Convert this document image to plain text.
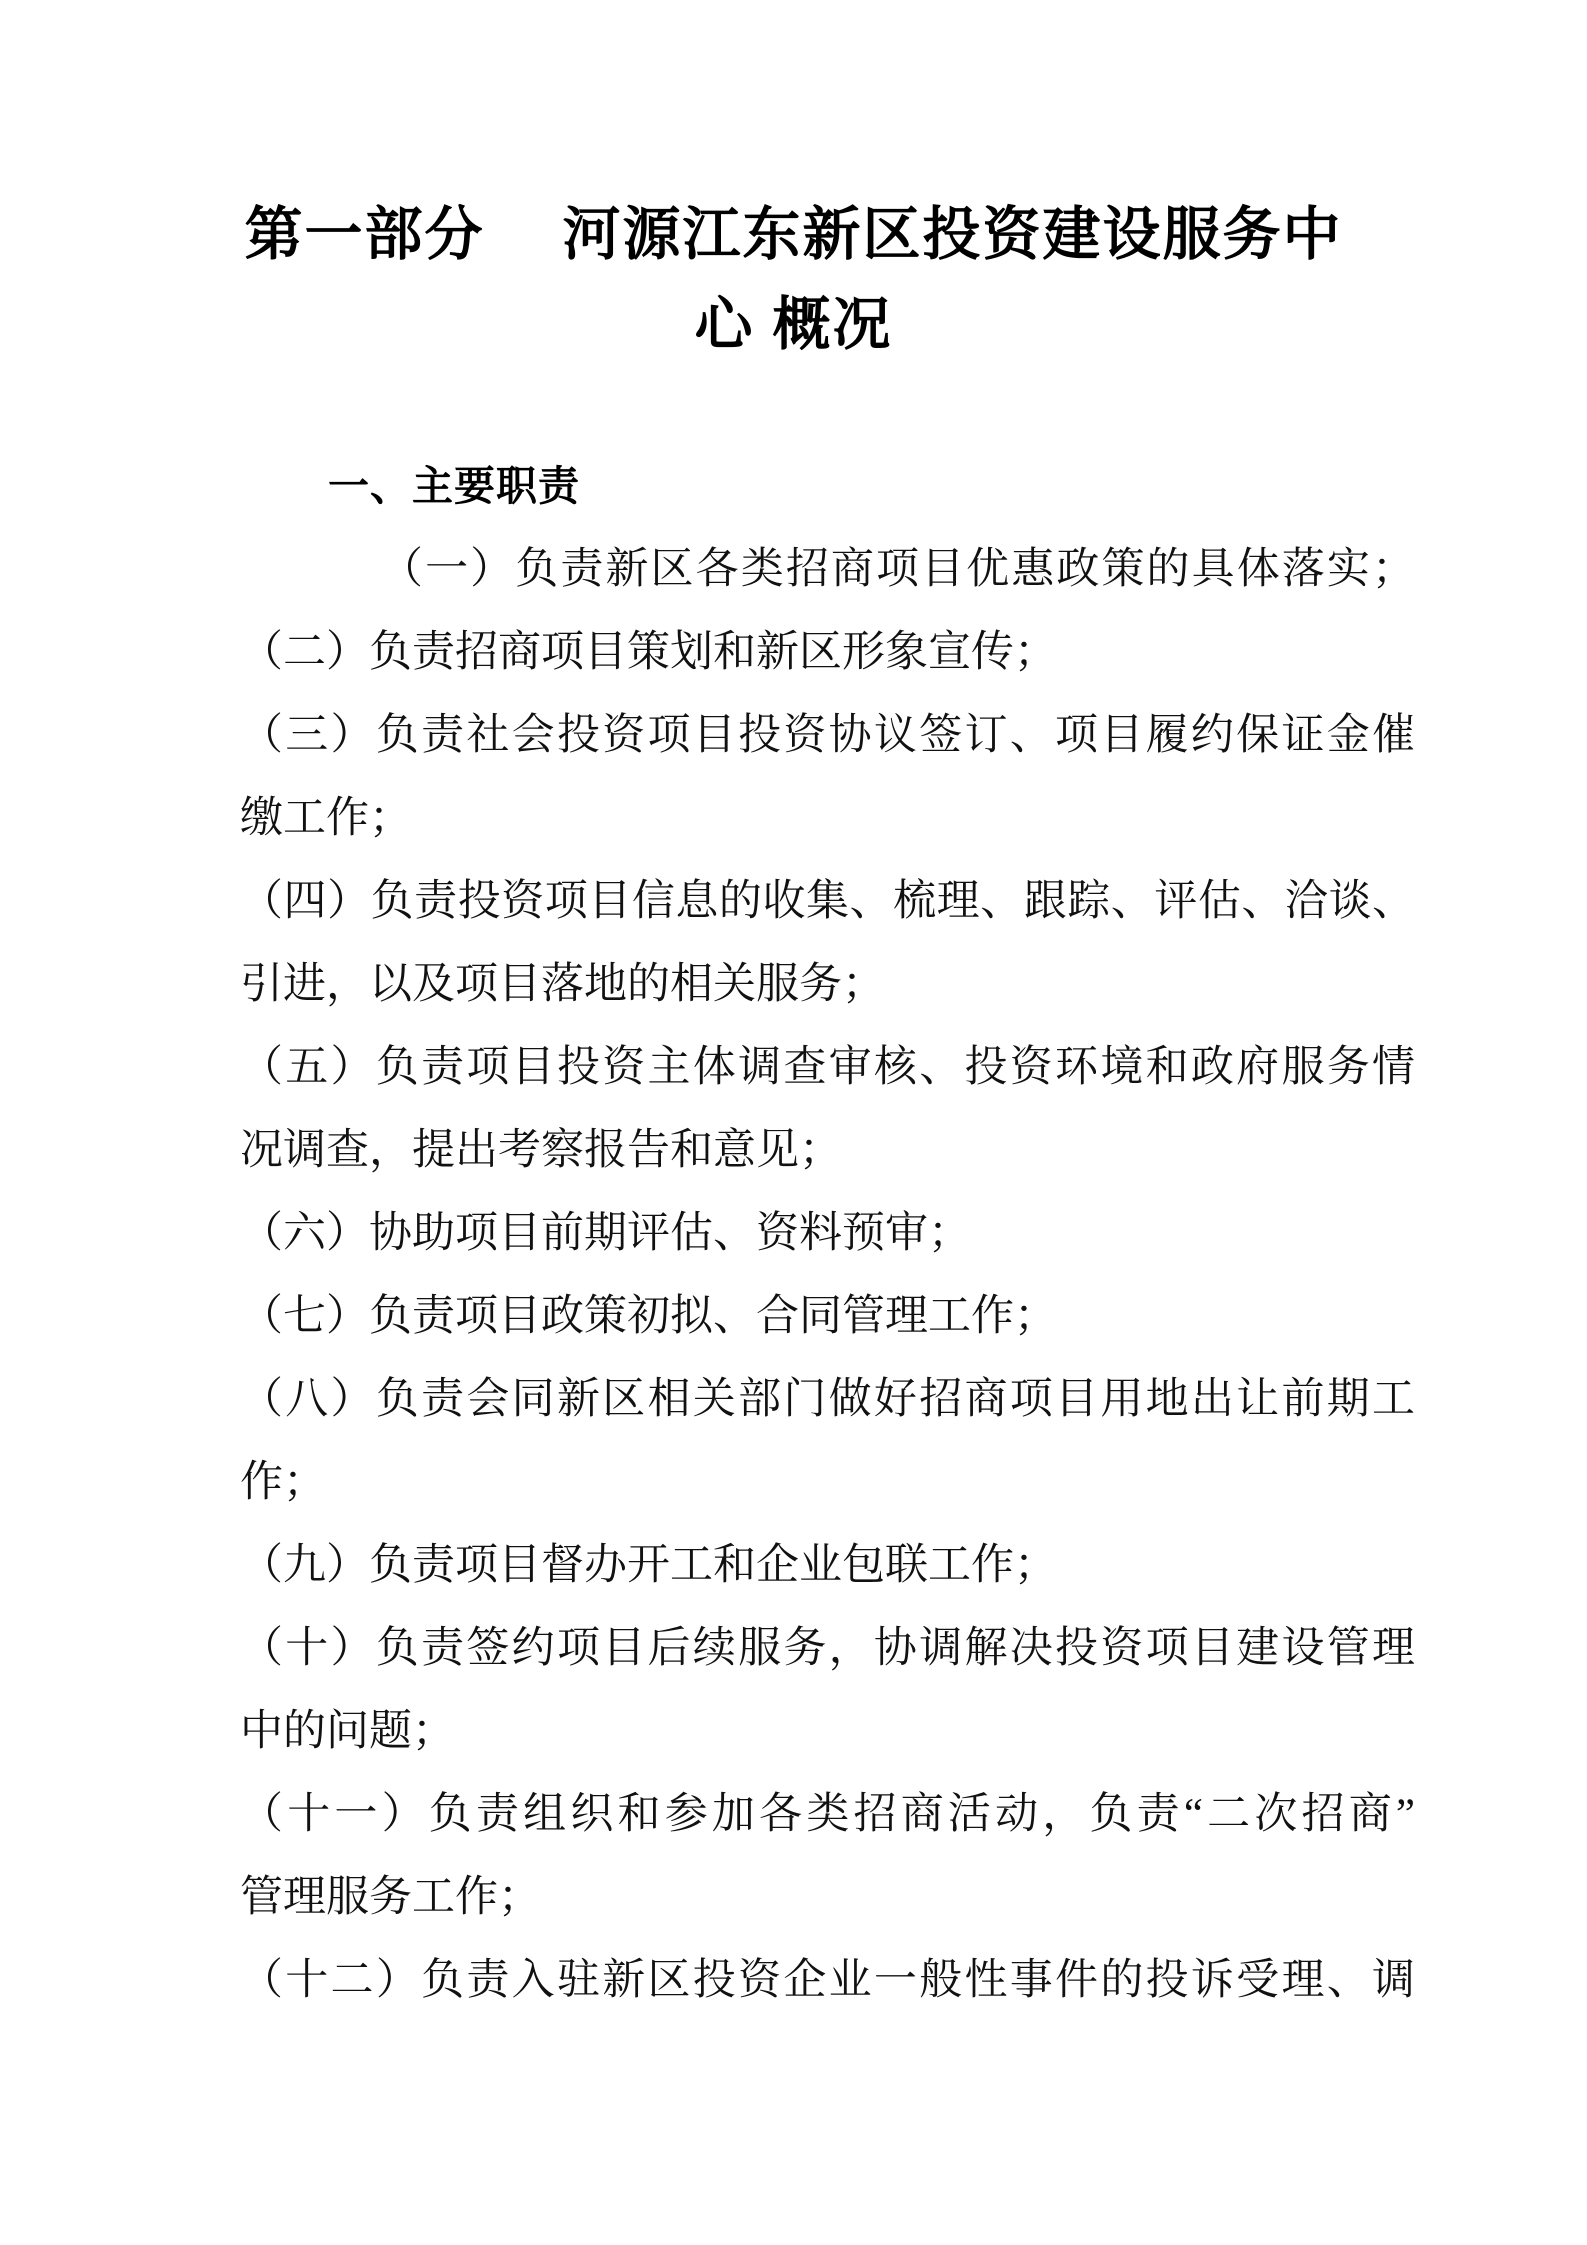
第一部分　 河源江东新区投资建设服务中
心 概况
一、主要职责
（一）负责新区各类招商项目优惠政策的具体落实；
（二）负责招商项目策划和新区形象宣传；
（三）负责社会投资项目投资协议签订、项目履约保证金催
缴工作；
（四）负责投资项目信息的收集、梳理、跟踪、评估、洽谈、
引进，以及项目落地的相关服务；
（五）负责项目投资主体调查审核、投资环境和政府服务情
况调查，提出考察报告和意见；
（六）协助项目前期评估、资料预审；
（七）负责项目政策初拟、合同管理工作；
（八）负责会同新区相关部门做好招商项目用地出让前期工
作；
（九）负责项目督办开工和企业包联工作；
（十）负责签约项目后续服务，协调解决投资项目建设管理
中的问题；
（十一）负责组织和参加各类招商活动，负责“二次招商”
管理服务工作；
（十二）负责入驻新区投资企业一般性事件的投诉受理、调
